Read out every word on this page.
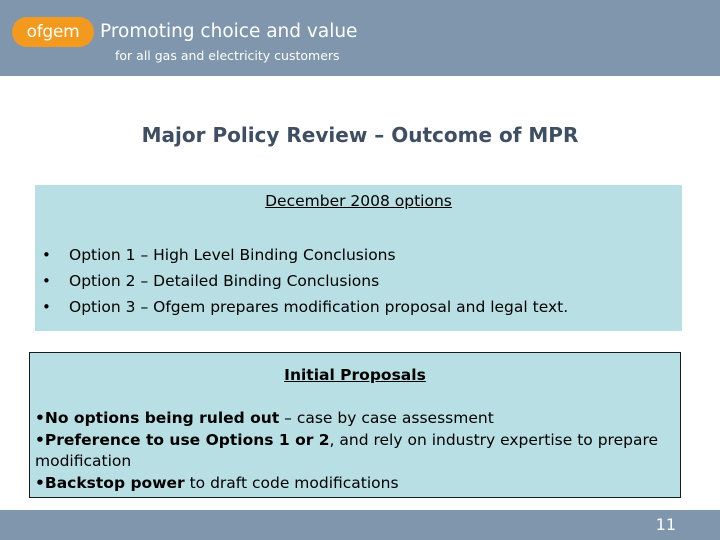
ofgem	Promoting choice and value
for all gas and electricity customers
Major Policy Review – Outcome of MPR
December 2008 options
• Option 1 – High Level Binding Conclusions
• Option 2 – Detailed Binding Conclusions
• Option 3 – Ofgem prepares modification proposal and legal text.
Initial Proposals

•No options being ruled out – case by case assessment

•Preference to use Options 1 or 2, and rely on industry expertise to prepare modification

•Backstop power to draft code modifications

11
